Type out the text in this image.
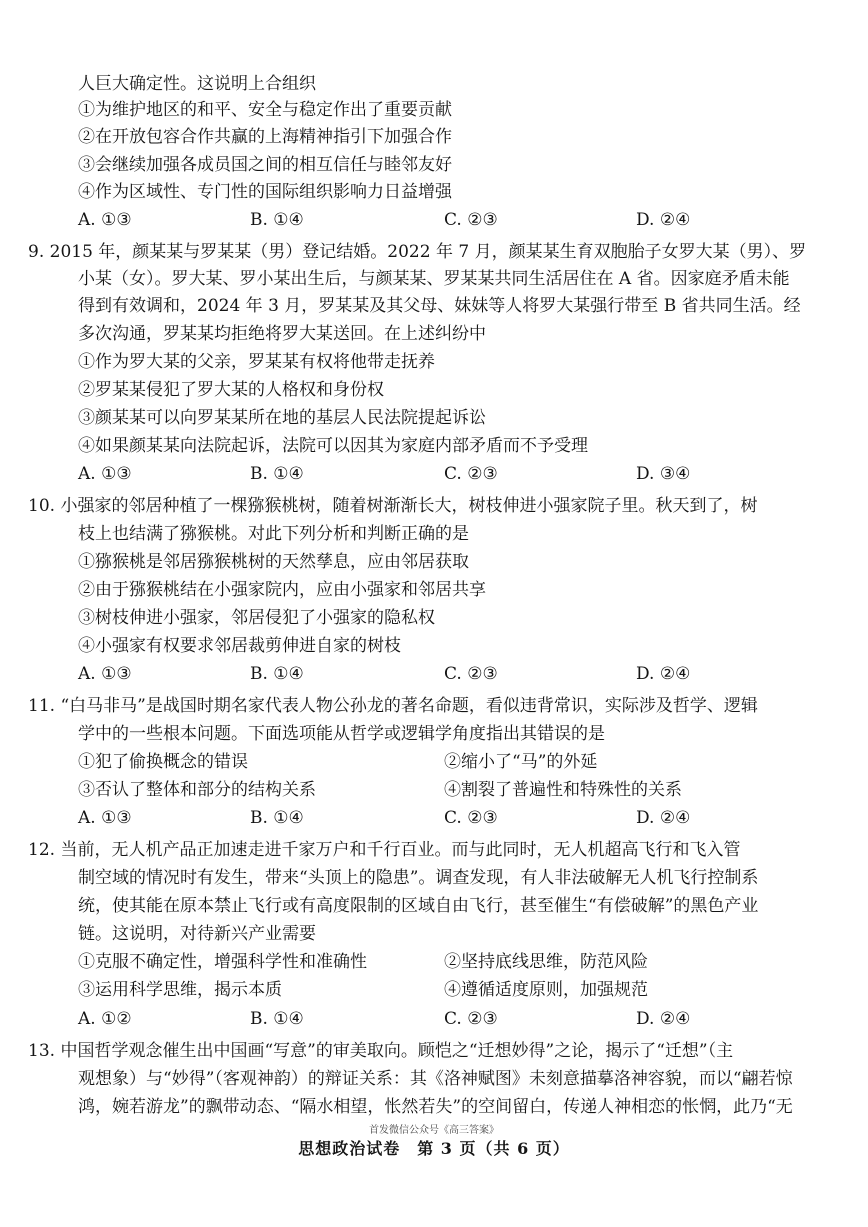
人巨大确定性。这说明上合组织
①为维护地区的和平、安全与稳定作出了重要贡献
②在开放包容合作共赢的上海精神指引下加强合作
③会继续加强各成员国之间的相互信任与睦邻友好
④作为区域性、专门性的国际组织影响力日益增强
A. ①③	B. ①④	C. ②③	D. ②④
9. 2015 年，颜某某与罗某某（男）登记结婚。2022 年 7 月，颜某某生育双胞胎子女罗大某（男）、罗
小某（女）。罗大某、罗小某出生后，与颜某某、罗某某共同生活居住在 A 省。因家庭矛盾未能
得到有效调和，2024 年 3 月，罗某某及其父母、妹妹等人将罗大某强行带至 B 省共同生活。经
多次沟通，罗某某均拒绝将罗大某送回。在上述纠纷中
①作为罗大某的父亲，罗某某有权将他带走抚养
②罗某某侵犯了罗大某的人格权和身份权
③颜某某可以向罗某某所在地的基层人民法院提起诉讼
④如果颜某某向法院起诉，法院可以因其为家庭内部矛盾而不予受理
A. ①③	B. ①④	C. ②③	D. ③④
10. 小强家的邻居种植了一棵猕猴桃树，随着树渐渐长大，树枝伸进小强家院子里。秋天到了，树
枝上也结满了猕猴桃。对此下列分析和判断正确的是
①猕猴桃是邻居猕猴桃树的天然孳息，应由邻居获取
②由于猕猴桃结在小强家院内，应由小强家和邻居共享
③树枝伸进小强家，邻居侵犯了小强家的隐私权
④小强家有权要求邻居裁剪伸进自家的树枝
A. ①③	B. ①④	C. ②③	D. ②④
11. “白马非马”是战国时期名家代表人物公孙龙的著名命题，看似违背常识，实际涉及哲学、逻辑
学中的一些根本问题。下面选项能从哲学或逻辑学角度指出其错误的是
①犯了偷换概念的错误	②缩小了“马”的外延
③否认了整体和部分的结构关系	④割裂了普遍性和特殊性的关系
A. ①③	B. ①④	C. ②③	D. ②④
12. 当前，无人机产品正加速走进千家万户和千行百业。而与此同时，无人机超高飞行和飞入管
制空域的情况时有发生，带来“头顶上的隐患”。调查发现，有人非法破解无人机飞行控制系
统，使其能在原本禁止飞行或有高度限制的区域自由飞行，甚至催生“有偿破解”的黑色产业
链。这说明，对待新兴产业需要
①克服不确定性，增强科学性和准确性	②坚持底线思维，防范风险
③运用科学思维，揭示本质	④遵循适度原则，加强规范
A. ①②	B. ①④	C. ②③	D. ②④
13. 中国哲学观念催生出中国画“写意”的审美取向。顾恺之“迁想妙得”之论，揭示了“迁想”（主
观想象）与“妙得”（客观神韵）的辩证关系：其《洛神赋图》未刻意描摹洛神容貌，而以“翩若惊
鸿，婉若游龙”的飘带动态、“隔水相望，怅然若失”的空间留白，传递人神相恋的怅惘，此乃“无
首发微信公众号《高三答案》
思想政治试卷　第 3 页（共 6 页）
